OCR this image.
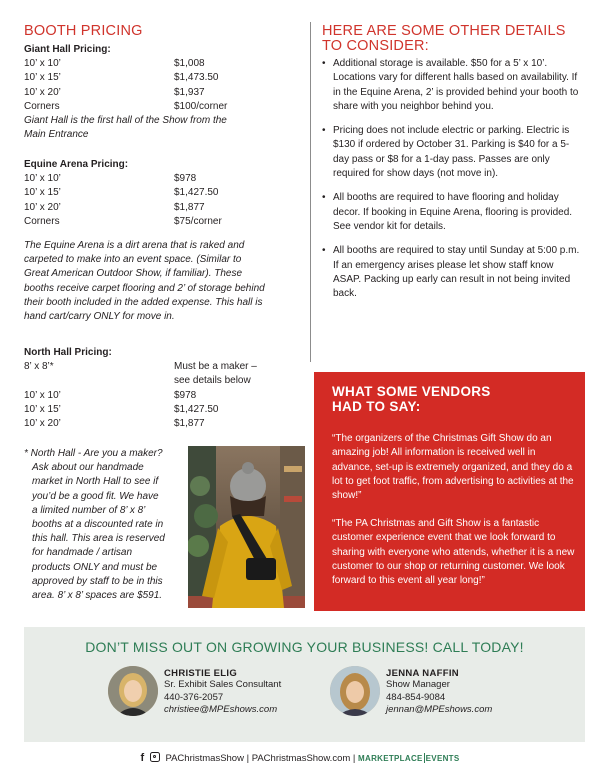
BOOTH PRICING
Giant Hall Pricing:
10’ x 10’	$1,008
10’ x 15’	$1,473.50
10’ x 20’	$1,937
Corners	$100/corner
Giant Hall is the first hall of the Show from the
Main Entrance
Equine Arena Pricing:
10’ x 10’	$978
10’ x 15’	$1,427.50
10’ x 20’	$1,877
Corners	$75/corner
The Equine Arena is a dirt arena that is raked and
carpeted to make into an event space. (Similar to
Great American Outdoor Show, if familiar). These
booths receive carpet flooring and 2’ of storage behind
their booth included in the added expense. This hall is
hand cart/carry ONLY for move in.
North Hall Pricing:
8’ x 8’*	Must be a maker –
see details below
10’ x 10’	$978
10’ x 15’	$1,427.50
10’ x 20’	$1,877
* North Hall - Are you a maker?
Ask about our handmade
market in North Hall to see if
you’d be a good fit. We have
a limited number of 8’ x 8’
booths at a discounted rate in
this hall. This area is reserved
for handmade / artisan
products ONLY and must be
approved by staff to be in this
area. 8’ x 8’ spaces are $591.
HERE ARE SOME OTHER DETAILS
TO CONSIDER:
• Additional storage is available. $50 for a 5’ x 10’. Locations vary for different halls based on availability. If in the Equine Arena, 2’ is provided behind your booth to share with you neighbor behind you.
• Pricing does not include electric or parking. Electric is $130 if ordered by October 31. Parking is $40 for a 5-day pass or $8 for a 1-day pass. Passes are only required for show days (not move in).
• All booths are required to have flooring and holiday decor. If booking in Equine Arena, flooring is provided. See vendor kit for details.
• All booths are required to stay until Sunday at 5:00 p.m. If an emergency arises please let show staff know ASAP. Packing up early can result in not being invited back.
WHAT SOME VENDORS
HAD TO SAY:
“The organizers of the Christmas Gift Show do an amazing job! All information is received well in advance, set-up is extremely organized, and they do a lot to get foot traffic, from advertising to activities at the show!”
“The PA Christmas and Gift Show is a fantastic customer experience event that we look forward to sharing with everyone who attends, whether it is a new customer to our shop or returning customer. We look forward to this event all year long!”
DON’T MISS OUT ON GROWING YOUR BUSINESS! CALL TODAY!
CHRISTIE ELIG
Sr. Exhibit Sales Consultant
440-376-2057
christiee@MPEshows.com
JENNA NAFFIN
Show Manager
484-854-9084
jennan@MPEshows.com
f PAChristmasShow | PAChristmasShow.com | MARKETPLACE EVENTS
